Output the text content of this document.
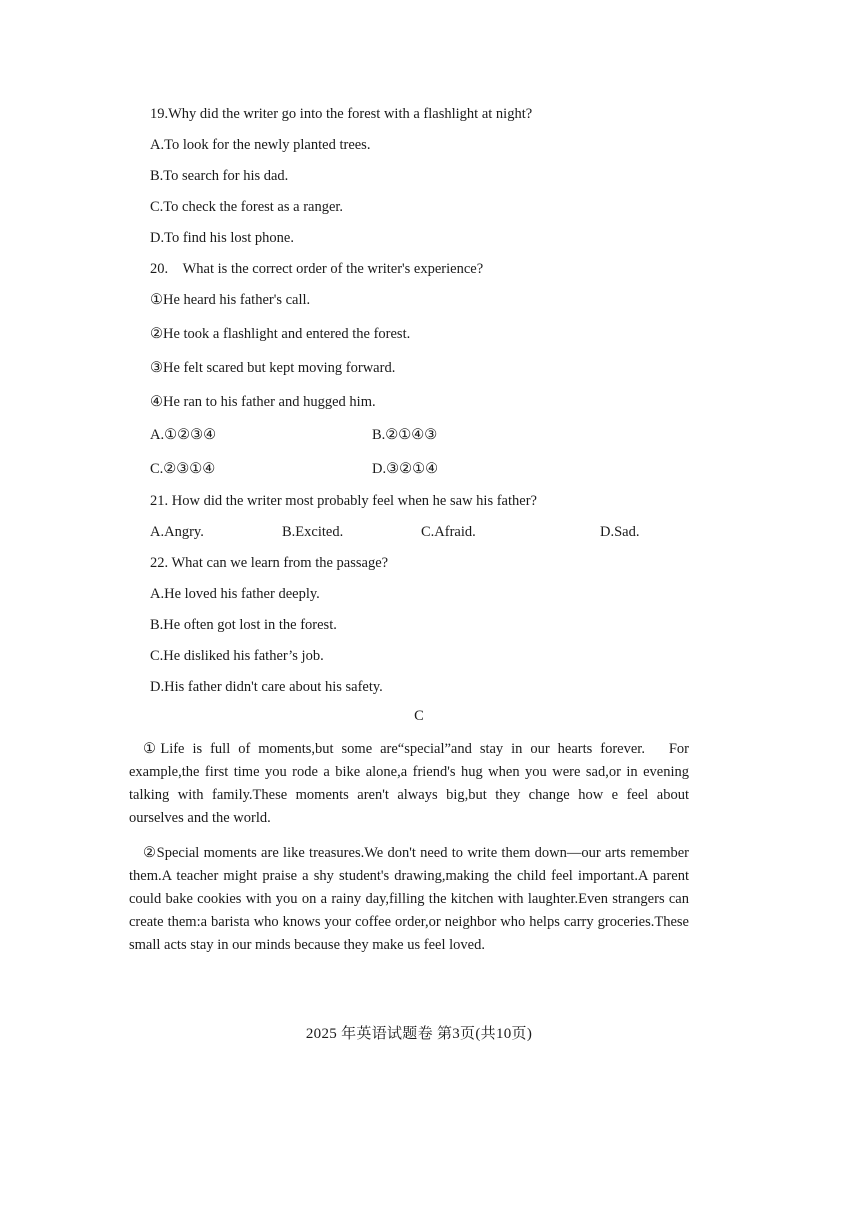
19.Why did the writer go into the forest with a flashlight at night?
A.To look for the newly planted trees.
B.To search for his dad.
C.To check the forest as a ranger.
D.To find his lost phone.
20.    What is the correct order of the writer's experience?
①He heard his father's call.
②He took a flashlight and entered the forest.
③He felt scared but kept moving forward.
④He ran to his father and hugged him.
A.①②③④	B.②①④③
C.②③①④	D.③②①④
21. How did the writer most probably feel when he saw his father?
A.Angry.	B.Excited.	C.Afraid.	D.Sad.
22. What can we learn from the passage?
A.He loved his father deeply.
B.He often got lost in the forest.
C.He disliked his father’s job.
D.His father didn't care about his safety.
C

①Life is full of moments,but some are“special”and stay in our hearts forever.   For example,the first time you rode a bike alone,a friend's hug when you were sad,or in evening talking with family.These moments aren't always big,but they change how e feel about ourselves and the world.

②Special moments are like treasures.We don't need to write them down—our arts remember them.A teacher might praise a shy student's drawing,making the child feel important.A parent could bake cookies with you on a rainy day,filling the kitchen with laughter.Even strangers can create them:a barista who knows your coffee order,or neighbor who helps carry groceries.These small acts stay in our minds because they make us feel loved.

2025 年英语试题卷 第3页(共10页)
